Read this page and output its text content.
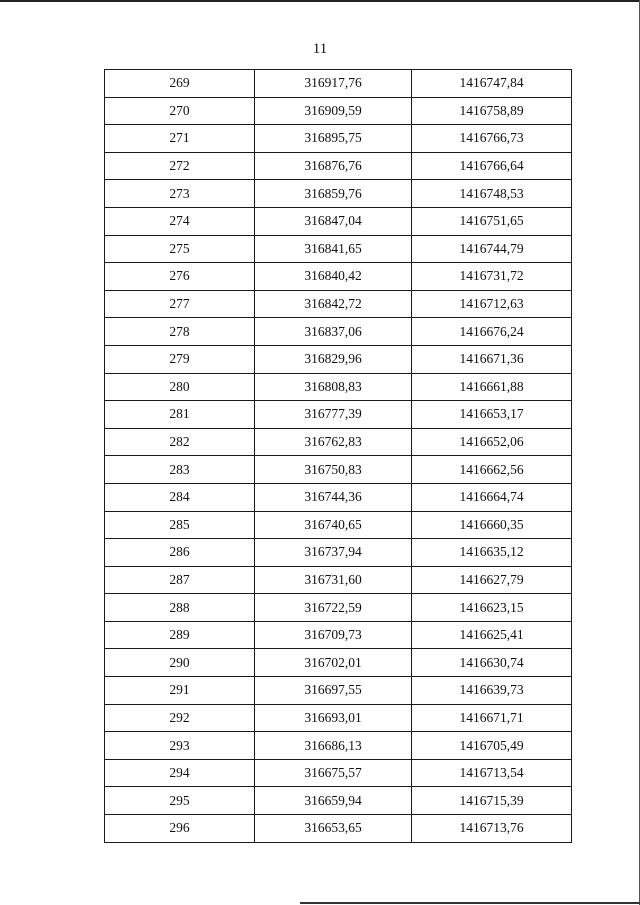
11
269	316917,76	1416747,84
270	316909,59	1416758,89
271	316895,75	1416766,73
272	316876,76	1416766,64
273	316859,76	1416748,53
274	316847,04	1416751,65
275	316841,65	1416744,79
276	316840,42	1416731,72
277	316842,72	1416712,63
278	316837,06	1416676,24
279	316829,96	1416671,36
280	316808,83	1416661,88
281	316777,39	1416653,17
282	316762,83	1416652,06
283	316750,83	1416662,56
284	316744,36	1416664,74
285	316740,65	1416660,35
286	316737,94	1416635,12
287	316731,60	1416627,79
288	316722,59	1416623,15
289	316709,73	1416625,41
290	316702,01	1416630,74
291	316697,55	1416639,73
292	316693,01	1416671,71
293	316686,13	1416705,49
294	316675,57	1416713,54
295	316659,94	1416715,39
296	316653,65	1416713,76
